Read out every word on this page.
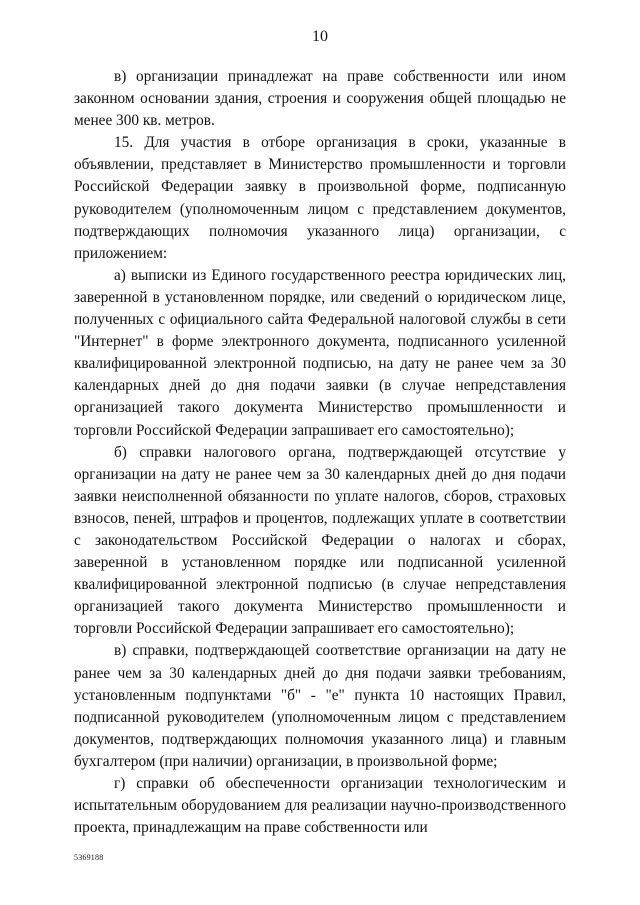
10

в) организации принадлежат на праве собственности или ином законном основании здания, строения и сооружения общей площадью не менее 300 кв. метров.

15. Для участия в отборе организация в сроки, указанные в объявлении, представляет в Министерство промышленности и торговли Российской Федерации заявку в произвольной форме, подписанную руководителем (уполномоченным лицом с представлением документов, подтверждающих полномочия указанного лица) организации, с приложением:

а) выписки из Единого государственного реестра юридических лиц, заверенной в установленном порядке, или сведений о юридическом лице, полученных с официального сайта Федеральной налоговой службы в сети "Интернет" в форме электронного документа, подписанного усиленной квалифицированной электронной подписью, на дату не ранее чем за 30 календарных дней до дня подачи заявки (в случае непредставления организацией такого документа Министерство промышленности и торговли Российской Федерации запрашивает его самостоятельно);

б) справки налогового органа, подтверждающей отсутствие у организации на дату не ранее чем за 30 календарных дней до дня подачи заявки неисполненной обязанности по уплате налогов, сборов, страховых взносов, пеней, штрафов и процентов, подлежащих уплате в соответствии с законодательством Российской Федерации о налогах и сборах, заверенной в установленном порядке или подписанной усиленной квалифицированной электронной подписью (в случае непредставления организацией такого документа Министерство промышленности и торговли Российской Федерации запрашивает его самостоятельно);

в) справки, подтверждающей соответствие организации на дату не ранее чем за 30 календарных дней до дня подачи заявки требованиям, установленным подпунктами "б" - "е" пункта 10 настоящих Правил, подписанной руководителем (уполномоченным лицом с представлением документов, подтверждающих полномочия указанного лица) и главным бухгалтером (при наличии) организации, в произвольной форме;

г) справки об обеспеченности организации технологическим и испытательным оборудованием для реализации научно-производственного проекта, принадлежащим на праве собственности или

5369188
